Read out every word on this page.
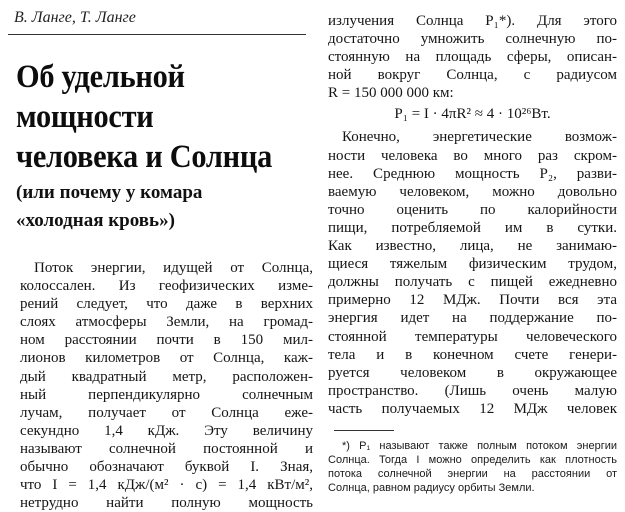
В. Ланге, Т. Ланге
Об удельной
мощности
человека и Солнца
(или почему у комара
«холодная кровь»)
Поток энергии, идущей от Солнца,
колоссален. Из геофизических изме-
рений следует, что даже в верхних
слоях атмосферы Земли, на громад-
ном расстоянии почти в 150 мил-
лионов километров от Солнца, каж-
дый квадратный метр, расположен-
ный перпендикулярно солнечным
лучам, получает от Солнца еже-
секундно 1,4 кДж. Эту величину
называют солнечной постоянной и
обычно обозначают буквой I. Зная,
что I = 1,4 кДж/(м² · с) = 1,4 кВт/м²,
нетрудно найти полную мощность
излучения Солнца P₁*). Для этого
достаточно умножить солнечную по-
стоянную на площадь сферы, описан-
ной вокруг Солнца, с радиусом
R = 150 000 000 км:
P₁ = I · 4πR² ≈ 4 · 10²⁶Вт.
Конечно, энергетические возмож-
ности человека во много раз скром-
нее. Среднюю мощность P₂, разви-
ваемую человеком, можно довольно
точно оценить по калорийности
пищи, потребляемой им в сутки.
Как известно, лица, не занимаю-
щиеся тяжелым физическим трудом,
должны получать с пищей ежедневно
примерно 12 МДж. Почти вся эта
энергия идет на поддержание по-
стоянной температуры человеческого
тела и в конечном счете генери-
руется человеком в окружающее
пространство. (Лишь очень малую
часть получаемых 12 МДж человек
*) P₁ называют также полным потоком энергии
Солнца. Тогда I можно определить как плотность
потока солнечной энергии на расстоянии от
Солнца, равном радиусу орбиты Земли.
